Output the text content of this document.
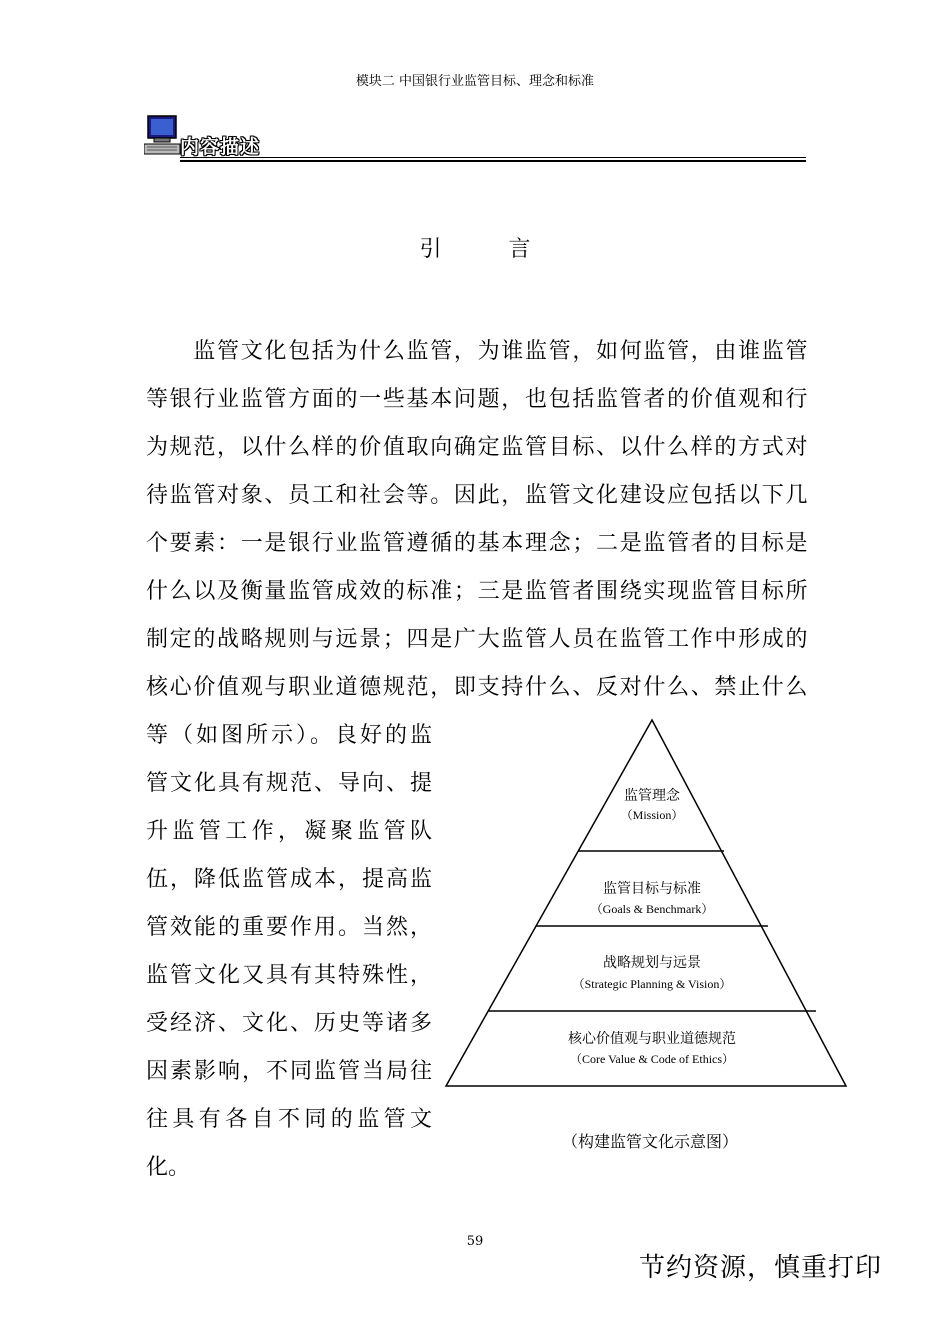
模块二 中国银行业监管目标、理念和标准
内容描述
引 言
　　监管文化包括为什么监管，为谁监管，如何监管，由谁监管
等银行业监管方面的一些基本问题，也包括监管者的价值观和行
为规范，以什么样的价值取向确定监管目标、以什么样的方式对
待监管对象、员工和社会等。因此，监管文化建设应包括以下几
个要素：一是银行业监管遵循的基本理念；二是监管者的目标是
什么以及衡量监管成效的标准；三是监管者围绕实现监管目标所
制定的战略规则与远景；四是广大监管人员在监管工作中形成的
核心价值观与职业道德规范，即支持什么、反对什么、禁止什么
等（如图所示）。良好的监
管文化具有规范、导向、提
升监管工作，凝聚监管队
伍，降低监管成本，提高监
管效能的重要作用。当然，
监管文化又具有其特殊性，
受经济、文化、历史等诸多
因素影响，不同监管当局往
往具有各自不同的监管文
化。
监管理念
（Mission）
监管目标与标准
（Goals & Benchmark）
战略规划与远景
（Strategic Planning & Vision）
核心价值观与职业道德规范
（Core Value & Code of Ethics）
（构建监管文化示意图）
59
节约资源，慎重打印
